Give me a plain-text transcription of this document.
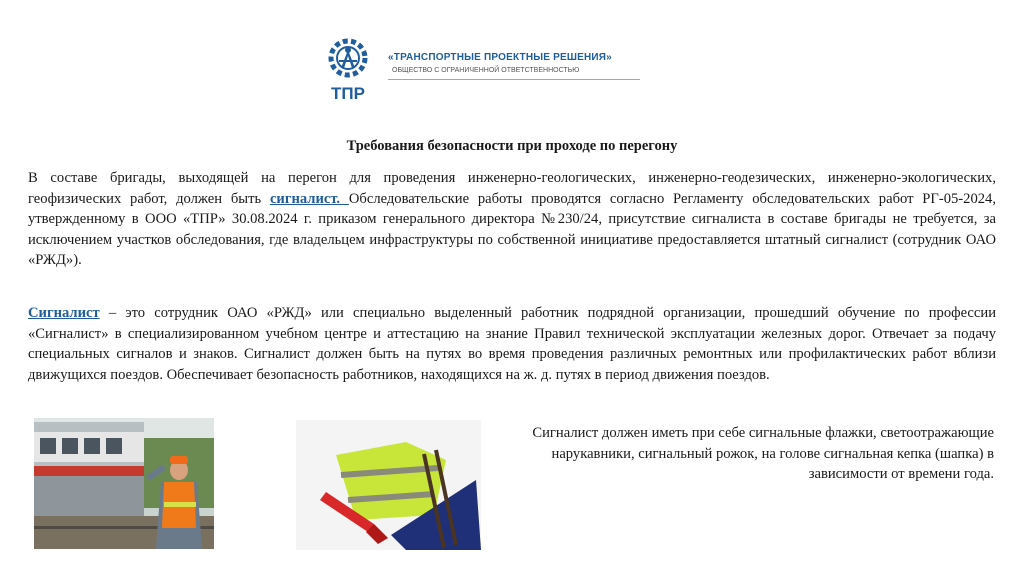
ТПР
«ТРАНСПОРТНЫЕ ПРОЕКТНЫЕ РЕШЕНИЯ»
ОБЩЕСТВО С ОГРАНИЧЕННОЙ ОТВЕТСТВЕННОСТЬЮ
Требования безопасности при проходе по перегону

В составе бригады, выходящей на перегон для проведения инженерно-геологических, инженерно-геодезических, инженерно-экологических, геофизических работ, должен быть сигналист. Обследовательские работы проводятся согласно Регламенту обследовательских работ РГ-05-2024, утвержденному в ООО «ТПР» 30.08.2024 г. приказом генерального директора №230/24, присутствие сигналиста в составе бригады не требуется, за исключением участков обследования, где владельцем инфраструктуры по собственной инициативе предоставляется штатный сигналист (сотрудник ОАО «РЖД»).

Сигналист – это сотрудник ОАО «РЖД» или специально выделенный работник подрядной организации, прошедший обучение по профессии «Сигналист» в специализированном учебном центре и аттестацию на знание Правил технической эксплуатации железных дорог. Отвечает за подачу специальных сигналов и знаков. Сигналист должен быть на путях во время проведения различных ремонтных или профилактических работ вблизи движущихся поездов. Обеспечивает безопасность работников, находящихся на ж. д. путях в период движения поездов.

Сигналист должен иметь при себе сигнальные флажки, светоотражающие нарукавники, сигнальный рожок, на голове сигнальная кепка (шапка) в зависимости от времени года.
